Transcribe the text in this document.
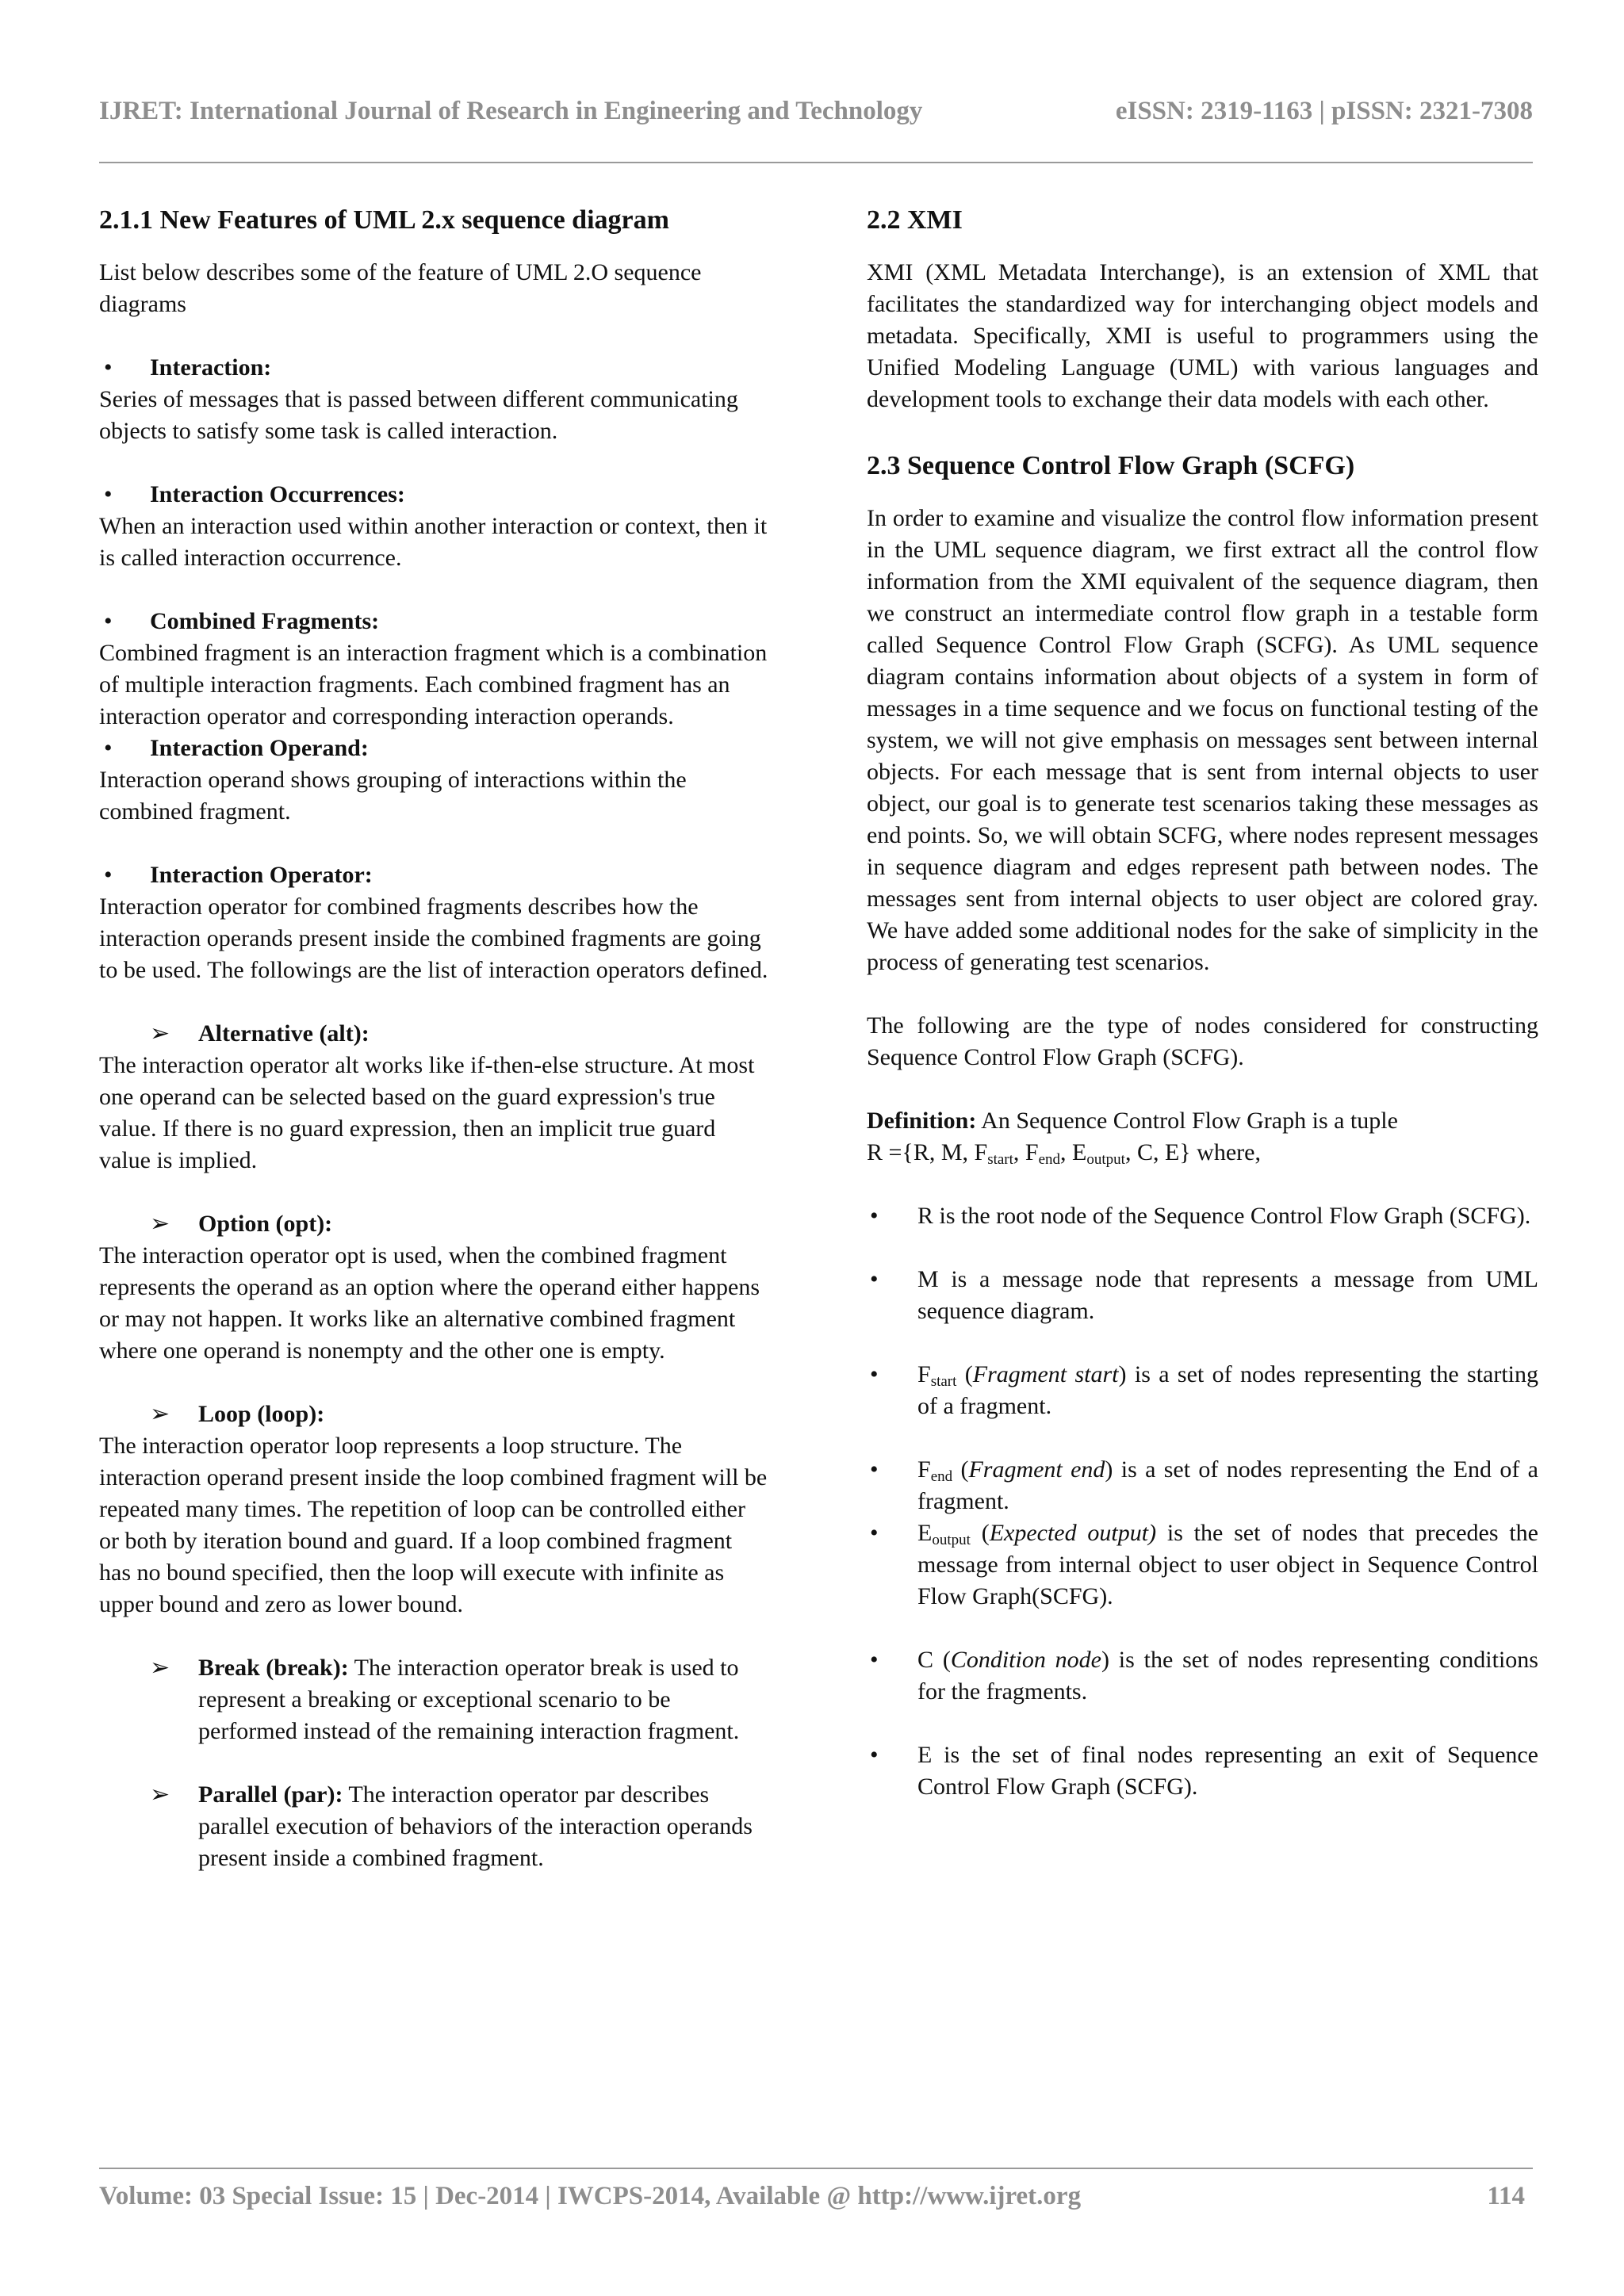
IJRET: International Journal of Research in Engineering and Technology	eISSN: 2319-1163 | pISSN: 2321-7308
2.1.1 New Features of UML 2.x sequence diagram

List below describes some of the feature of UML 2.O sequence diagrams

• Interaction:

Series of messages that is passed between different communicating objects to satisfy some task is called interaction.

• Interaction Occurrences:

When an interaction used within another interaction or context, then it is called interaction occurrence.

• Combined Fragments:

Combined fragment is an interaction fragment which is a combination of multiple interaction fragments. Each combined fragment has an interaction operator and corresponding interaction operands.

• Interaction Operand:

Interaction operand shows grouping of interactions within the combined fragment.

• Interaction Operator:

Interaction operator for combined fragments describes how the interaction operands present inside the combined fragments are going to be used. The followings are the list of interaction operators defined.

➢ Alternative (alt):

The interaction operator alt works like if-then-else structure. At most one operand can be selected based on the guard expression's true value. If there is no guard expression, then an implicit true guard value is implied.

➢ Option (opt):

The interaction operator opt is used, when the combined fragment represents the operand as an option where the operand either happens or may not happen. It works like an alternative combined fragment where one operand is nonempty and the other one is empty.

➢ Loop (loop):

The interaction operator loop represents a loop structure. The interaction operand present inside the loop combined fragment will be repeated many times. The repetition of loop can be controlled either or both by iteration bound and guard. If a loop combined fragment has no bound specified, then the loop will execute with infinite as upper bound and zero as lower bound.

➢ Break (break): The interaction operator break is used to represent a breaking or exceptional scenario to be performed instead of the remaining interaction fragment.
➢ Parallel (par): The interaction operator par describes parallel execution of behaviors of the interaction operands present inside a combined fragment.
2.2 XMI

XMI (XML Metadata Interchange), is an extension of XML that facilitates the standardized way for interchanging object models and metadata. Specifically, XMI is useful to programmers using the Unified Modeling Language (UML) with various languages and development tools to exchange their data models with each other.

2.3 Sequence Control Flow Graph (SCFG)

In order to examine and visualize the control flow information present in the UML sequence diagram, we first extract all the control flow information from the XMI equivalent of the sequence diagram, then we construct an intermediate control flow graph in a testable form called Sequence Control Flow Graph (SCFG). As UML sequence diagram contains information about objects of a system in form of messages in a time sequence and we focus on functional testing of the system, we will not give emphasis on messages sent between internal objects. For each message that is sent from internal objects to user object, our goal is to generate test scenarios taking these messages as end points. So, we will obtain SCFG, where nodes represent messages in sequence diagram and edges represent path between nodes. The messages sent from internal objects to user object are colored gray. We have added some additional nodes for the sake of simplicity in the process of generating test scenarios.

The following are the type of nodes considered for constructing Sequence Control Flow Graph (SCFG).

Definition: An Sequence Control Flow Graph is a tuple

R ={R, M, $F_{start}$, $F_{end}$, $E_{output}$, C, E} where,

• R is the root node of the Sequence Control Flow Graph (SCFG).
• M is a message node that represents a message from UML sequence diagram.
• $F_{start}$ (Fragment start) is a set of nodes representing the starting of a fragment.
• $F_{end}$ (Fragment end) is a set of nodes representing the End of a fragment.
• $E_{output}$ (Expected output) is the set of nodes that precedes the message from internal object to user object in Sequence Control Flow Graph(SCFG).
• C (Condition node) is the set of nodes representing conditions for the fragments.
• E is the set of final nodes representing an exit of Sequence Control Flow Graph (SCFG).
Volume: 03 Special Issue: 15 | Dec-2014 | IWCPS-2014, Available @ http://www.ijret.org	114
